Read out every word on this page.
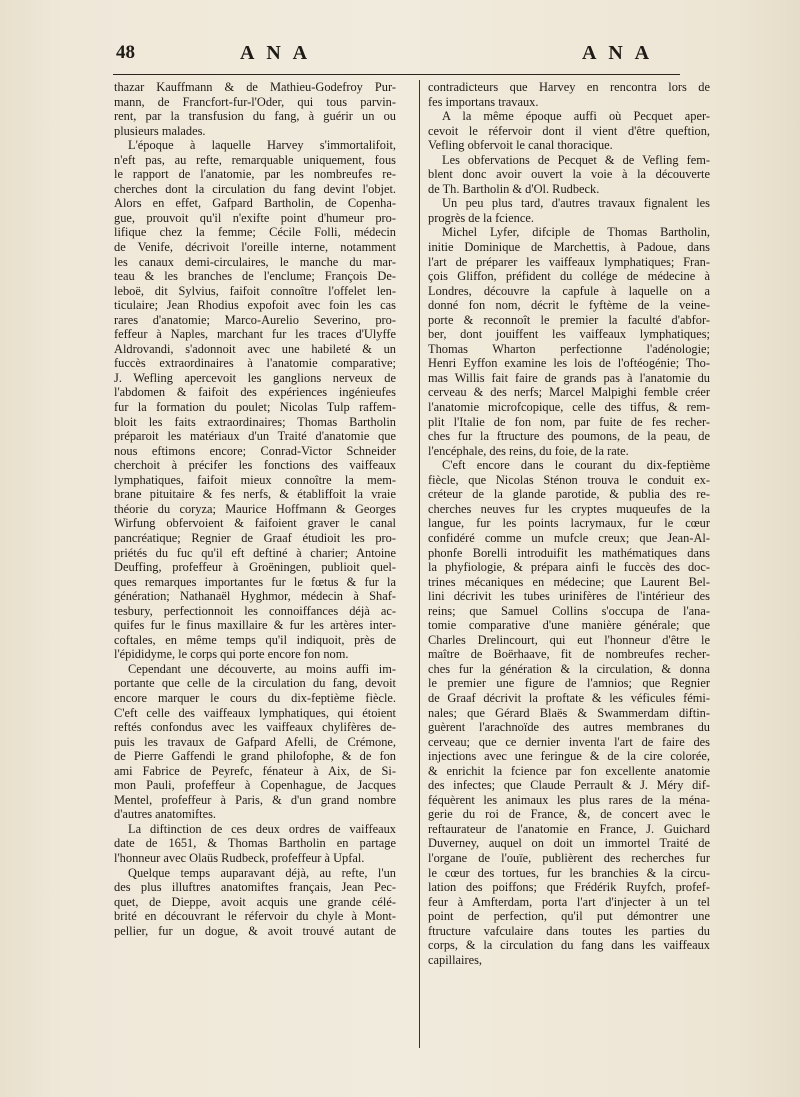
48	A N A	A N A
thazar Kauffmann & de Mathieu-Godefroy Pur-
mann, de Francfort-fur-l'Oder, qui tous parvin-
rent, par la transfusion du fang, à guérir un ou
plusieurs malades.
L'époque à laquelle Harvey s'immortalifoit,
n'eft pas, au refte, remarquable uniquement, fous
le rapport de l'anatomie, par les nombreufes re-
cherches dont la circulation du fang devint l'objet.
Alors en effet, Gafpard Bartholin, de Copenha-
gue, prouvoit qu'il n'exifte point d'humeur pro-
lifique chez la femme; Cécile Folli, médecin
de Venife, décrivoit l'oreille interne, notamment
les canaux demi-circulaires, le manche du mar-
teau & les branches de l'enclume; François De-
leboë, dit Sylvius, faifoit connoître l'offelet len-
ticulaire; Jean Rhodius expofoit avec foin les cas
rares d'anatomie; Marco-Aurelio Severino, pro-
feffeur à Naples, marchant fur les traces d'Ulyffe
Aldrovandi, s'adonnoit avec une habileté & un
fuccès extraordinaires à l'anatomie comparative;
J. Wefling apercevoit les ganglions nerveux de
l'abdomen & faifoit des expériences ingénieufes
fur la formation du poulet; Nicolas Tulp raffem-
bloit les faits extraordinaires; Thomas Bartholin
préparoit les matériaux d'un Traité d'anatomie que
nous eftimons encore; Conrad-Victor Schneider
cherchoit à précifer les fonctions des vaiffeaux
lymphatiques, faifoit mieux connoître la mem-
brane pituitaire & fes nerfs, & établiffoit la vraie
théorie du coryza; Maurice Hoffmann & Georges
Wirfung obfervoient & faifoient graver le canal
pancréatique; Regnier de Graaf étudioit les pro-
priétés du fuc qu'il eft deftiné à charier; Antoine
Deuffing, profeffeur à Groëningen, publioit quel-
ques remarques importantes fur le fœtus & fur la
génération; Nathanaël Hyghmor, médecin à Shaf-
tesbury, perfectionnoit les connoiffances déjà ac-
quifes fur le finus maxillaire & fur les artères inter-
coftales, en même temps qu'il indiquoit, près de
l'épididyme, le corps qui porte encore fon nom.
Cependant une découverte, au moins auffi im-
portante que celle de la circulation du fang, devoit
encore marquer le cours du dix-feptième fiècle.
C'eft celle des vaiffeaux lymphatiques, qui étoient
reftés confondus avec les vaiffeaux chylifères de-
puis les travaux de Gafpard Afelli, de Crémone,
de Pierre Gaffendi le grand philofophe, & de fon
ami Fabrice de Peyrefc, fénateur à Aix, de Si-
mon Pauli, profeffeur à Copenhague, de Jacques
Mentel, profeffeur à Paris, & d'un grand nombre
d'autres anatomiftes.
La diftinction de ces deux ordres de vaiffeaux
date de 1651, & Thomas Bartholin en partage
l'honneur avec Olaüs Rudbeck, profeffeur à Upfal.
Quelque temps auparavant déjà, au refte, l'un
des plus illuftres anatomiftes français, Jean Pec-
quet, de Dieppe, avoit acquis une grande célé-
brité en découvrant le réfervoir du chyle à Mont-
pellier, fur un dogue, & avoit trouvé autant de
contradicteurs que Harvey en rencontra lors de
fes importans travaux.
A la même époque auffi où Pecquet aper-
cevoit le réfervoir dont il vient d'être queftion,
Vefling obfervoit le canal thoracique.
Les obfervations de Pecquet & de Vefling fem-
blent donc avoir ouvert la voie à la découverte
de Th. Bartholin & d'Ol. Rudbeck.
Un peu plus tard, d'autres travaux fignalent les
progrès de la fcience.
Michel Lyfer, difciple de Thomas Bartholin,
initie Dominique de Marchettis, à Padoue, dans
l'art de préparer les vaiffeaux lymphatiques; Fran-
çois Gliffon, préfident du collége de médecine à
Londres, découvre la capfule à laquelle on a
donné fon nom, décrit le fyftème de la veine-
porte & reconnoît le premier la faculté d'abfor-
ber, dont jouiffent les vaiffeaux lymphatiques;
Thomas Wharton perfectionne l'adénologie;
Henri Eyffon examine les lois de l'oftéogénie; Tho-
mas Willis fait faire de grands pas à l'anatomie du
cerveau & des nerfs; Marcel Malpighi femble créer
l'anatomie microfcopique, celle des tiffus, & rem-
plit l'Italie de fon nom, par fuite de fes recher-
ches fur la ftructure des poumons, de la peau, de
l'encéphale, des reins, du foie, de la rate.
C'eft encore dans le courant du dix-feptième
fiècle, que Nicolas Sténon trouva le conduit ex-
créteur de la glande parotide, & publia des re-
cherches neuves fur les cryptes muqueufes de la
langue, fur les points lacrymaux, fur le cœur
confidéré comme un mufcle creux; que Jean-Al-
phonfe Borelli introduifit les mathématiques dans
la phyfiologie, & prépara ainfi le fuccès des doc-
trines mécaniques en médecine; que Laurent Bel-
lini décrivit les tubes urinifères de l'intérieur des
reins; que Samuel Collins s'occupa de l'ana-
tomie comparative d'une manière générale; que
Charles Drelincourt, qui eut l'honneur d'être le
maître de Boërhaave, fit de nombreufes recher-
ches fur la génération & la circulation, & donna
le premier une figure de l'amnios; que Regnier
de Graaf décrivit la proftate & les véficules fémi-
nales; que Gérard Blaës & Swammerdam diftin-
guèrent l'arachnoïde des autres membranes du
cerveau; que ce dernier inventa l'art de faire des
injections avec une feringue & de la cire colorée,
& enrichit la fcience par fon excellente anatomie
des infectes; que Claude Perrault & J. Méry dif-
féquèrent les animaux les plus rares de la ména-
gerie du roi de France, &, de concert avec le
reftaurateur de l'anatomie en France, J. Guichard
Duverney, auquel on doit un immortel Traité de
l'organe de l'ouïe, publièrent des recherches fur
le cœur des tortues, fur les branchies & la circu-
lation des poiffons; que Frédérik Ruyfch, profef-
feur à Amfterdam, porta l'art d'injecter à un tel
point de perfection, qu'il put démontrer une
ftructure vafculaire dans toutes les parties du
corps, & la circulation du fang dans les vaiffeaux
capillaires,
